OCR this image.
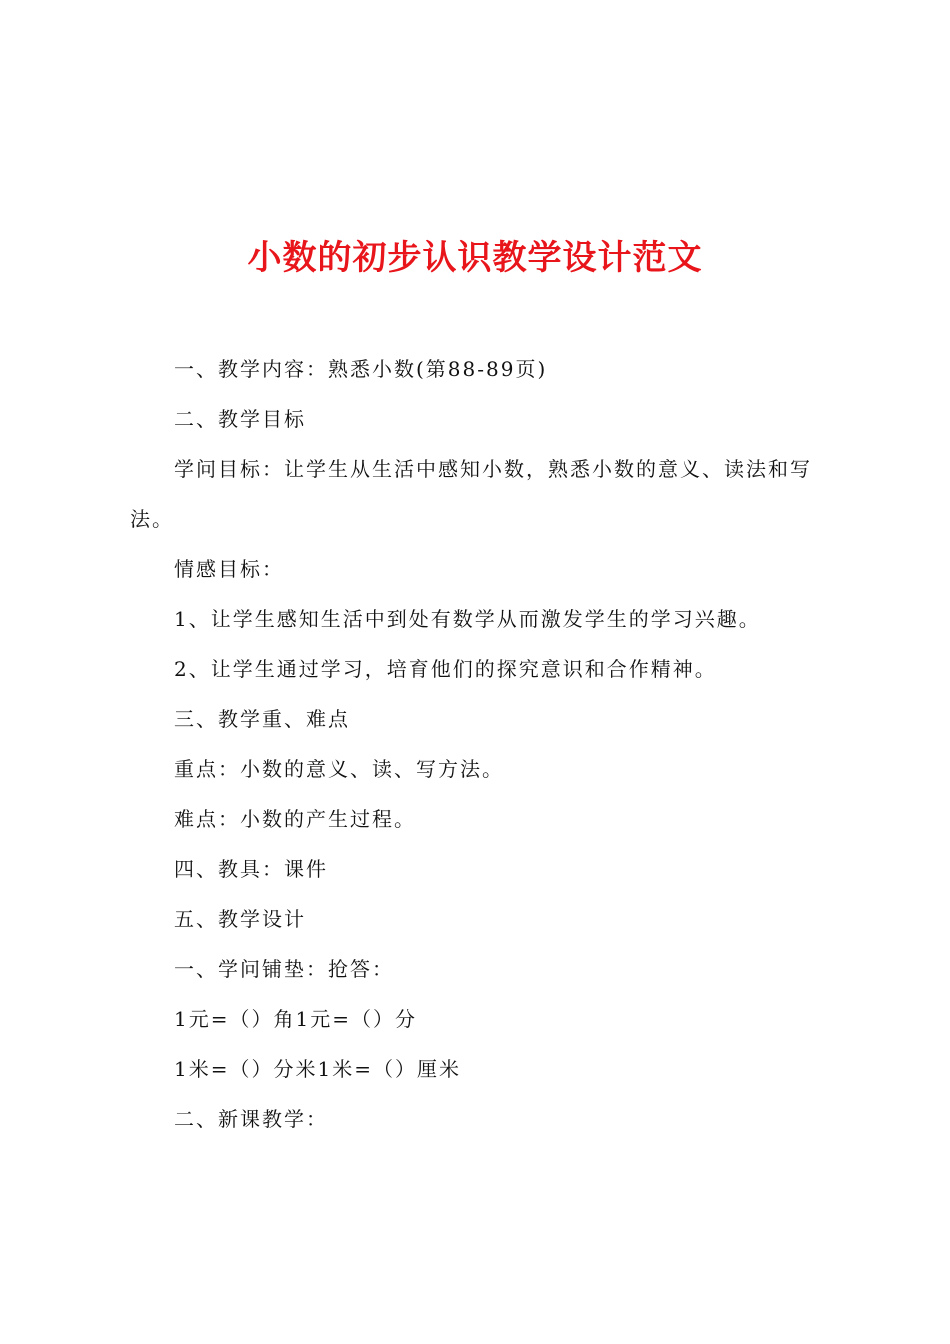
小数的初步认识教学设计范文

一、教学内容：熟悉小数(第88-89页)

二、教学目标

学问目标：让学生从生活中感知小数，熟悉小数的意义、读法和写法。

情感目标：

1、让学生感知生活中到处有数学从而激发学生的学习兴趣。

2、让学生通过学习，培育他们的探究意识和合作精神。

三、教学重、难点

重点：小数的意义、读、写方法。

难点：小数的产生过程。

四、教具：课件

五、教学设计

一、学问铺垫：抢答：

1元=（）角1元=（）分

1米=（）分米1米=（）厘米

二、新课教学：
